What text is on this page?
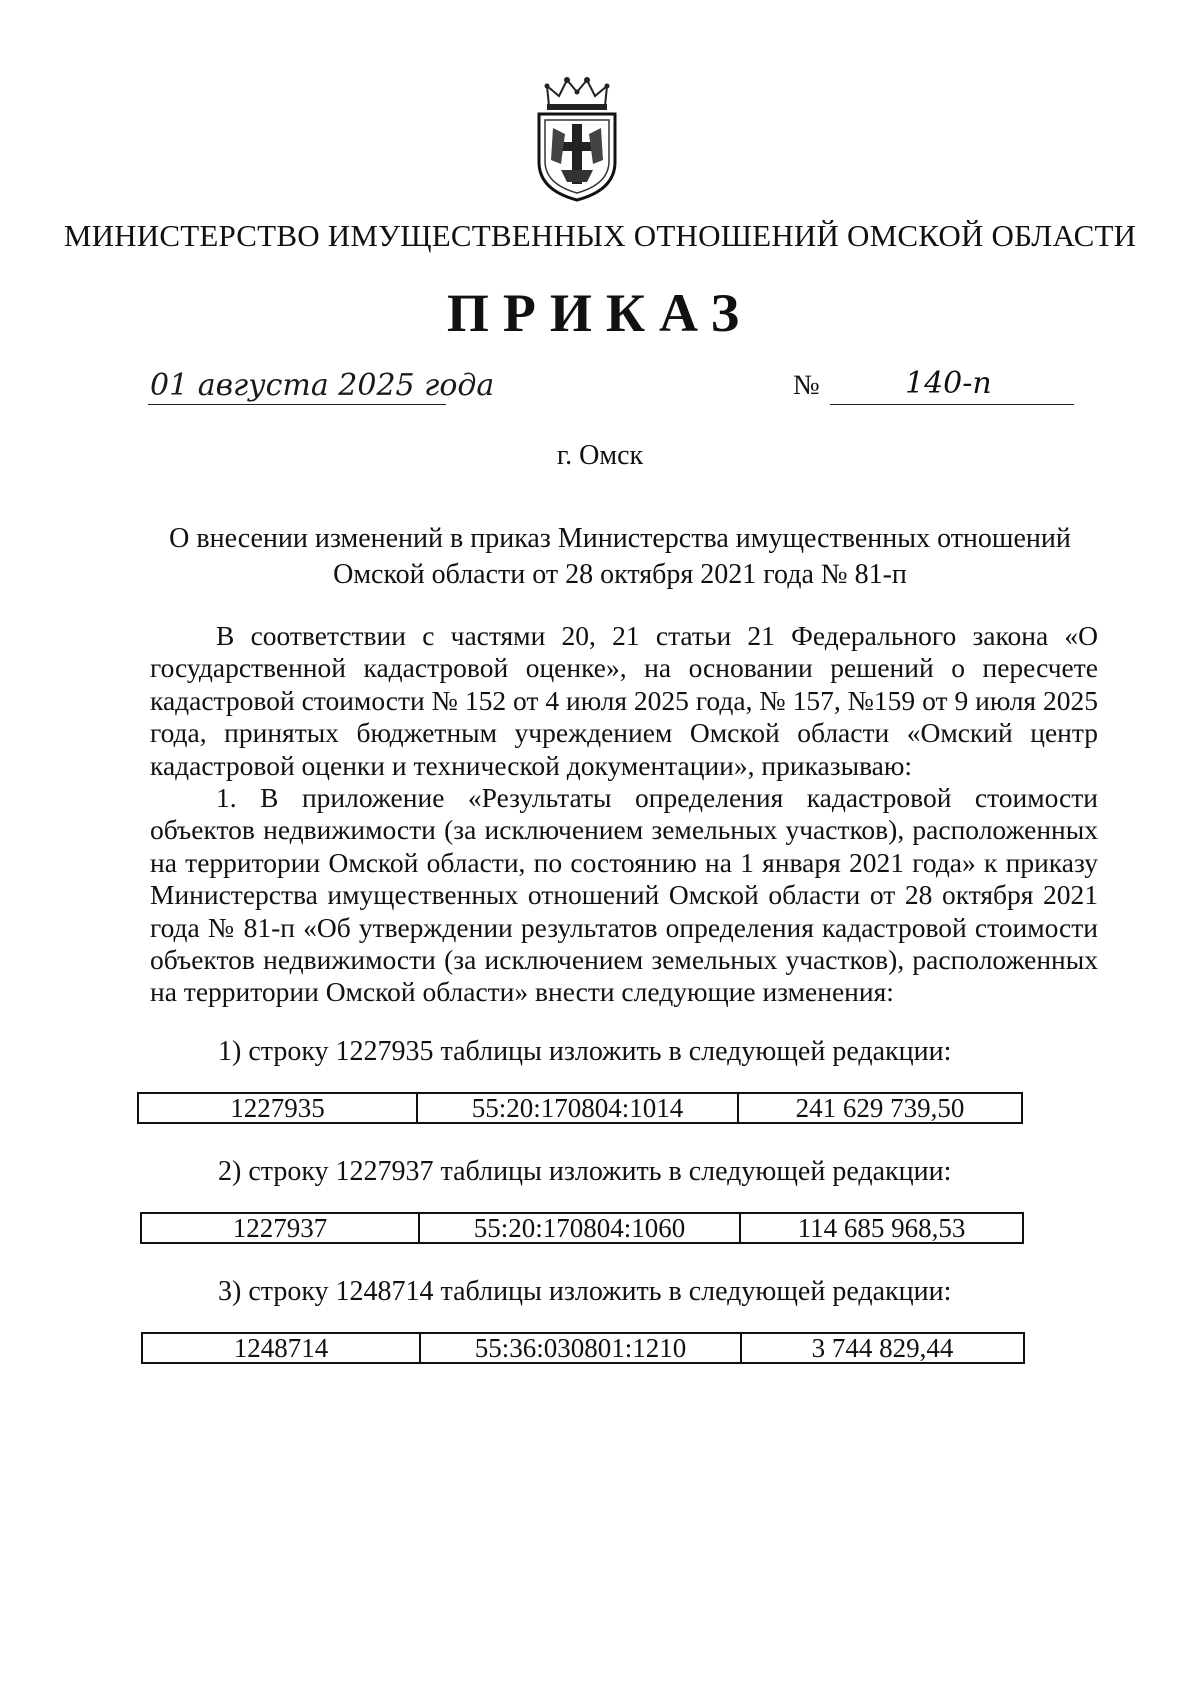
МИНИСТЕРСТВО ИМУЩЕСТВЕННЫХ ОТНОШЕНИЙ ОМСКОЙ ОБЛАСТИ
ПРИКАЗ
01 августа 2025 года	№	140-п
г. Омск
О внесении изменений в приказ Министерства имущественных отношений
Омской области от 28 октября 2021 года № 81-п

В соответствии с частями 20, 21 статьи 21 Федерального закона «О государственной кадастровой оценке», на основании решений о пересчете кадастровой стоимости № 152 от 4 июля 2025 года, № 157, №159 от 9 июля 2025 года, принятых бюджетным учреждением Омской области «Омский центр кадастровой оценки и технической документации», приказываю:

1. В приложение «Результаты определения кадастровой стоимости объектов недвижимости (за исключением земельных участков), расположенных на территории Омской области, по состоянию на 1 января 2021 года» к приказу Министерства имущественных отношений Омской области от 28 октября 2021 года № 81-п «Об утверждении результатов определения кадастровой стоимости объектов недвижимости (за исключением земельных участков), расположенных на территории Омской области» внести следующие изменения:

1) строку 1227935 таблицы изложить в следующей редакции:
1227935	55:20:170804:1014	241 629 739,50
2) строку 1227937 таблицы изложить в следующей редакции:
1227937	55:20:170804:1060	114 685 968,53
3) строку 1248714 таблицы изложить в следующей редакции:
1248714	55:36:030801:1210	3 744 829,44
